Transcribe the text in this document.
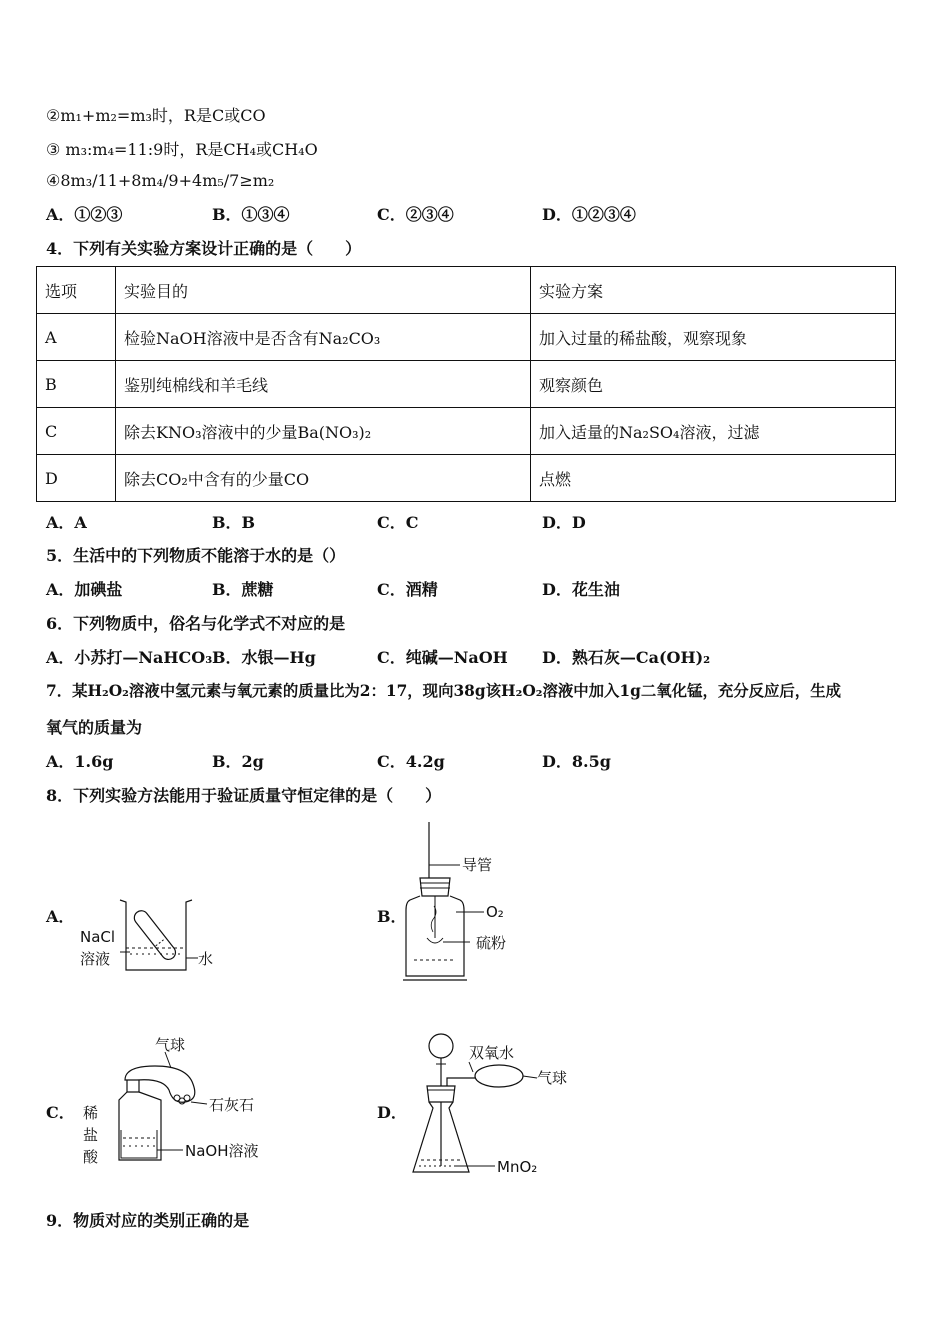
②m₁+m₂=m₃时，R是C或CO
③ m₃:m₄=11:9时，R是CH₄或CH₄O
④8m₃/11+8m₄/9+4m₅/7≥m₂
A．①②③	B．①③④	C．②③④	D．①②③④
4．下列有关实验方案设计正确的是（　　）
选项	实验目的	实验方案
A	检验NaOH溶液中是否含有Na₂CO₃	加入过量的稀盐酸，观察现象
B	鉴别纯棉线和羊毛线	观察颜色
C	除去KNO₃溶液中的少量Ba(NO₃)₂	加入适量的Na₂SO₄溶液，过滤
D	除去CO₂中含有的少量CO	点燃
A．A	B．B	C．C	D．D
5．生活中的下列物质不能溶于水的是（）
A．加碘盐	B．蔗糖	C．酒精	D．花生油
6．下列物质中，俗名与化学式不对应的是
A．小苏打—NaHCO₃ B．水银—Hg	C．纯碱—NaOH D．熟石灰—Ca(OH)₂
7．某H₂O₂溶液中氢元素与氧元素的质量比为2：17，现向38g该H₂O₂溶液中加入1g二氧化锰，充分反应后，生成
氧气的质量为
A．1.6g	B．2g	C．4.2g	D．8.5g
8．下列实验方法能用于验证质量守恒定律的是（　　）
A．
NaCl
溶液	水
B．
导管
O₂
硫粉
C．
气球
石灰石
稀
盐
酸	NaOH溶液
D．
双氧水
气球
MnO₂
9．物质对应的类别正确的是
